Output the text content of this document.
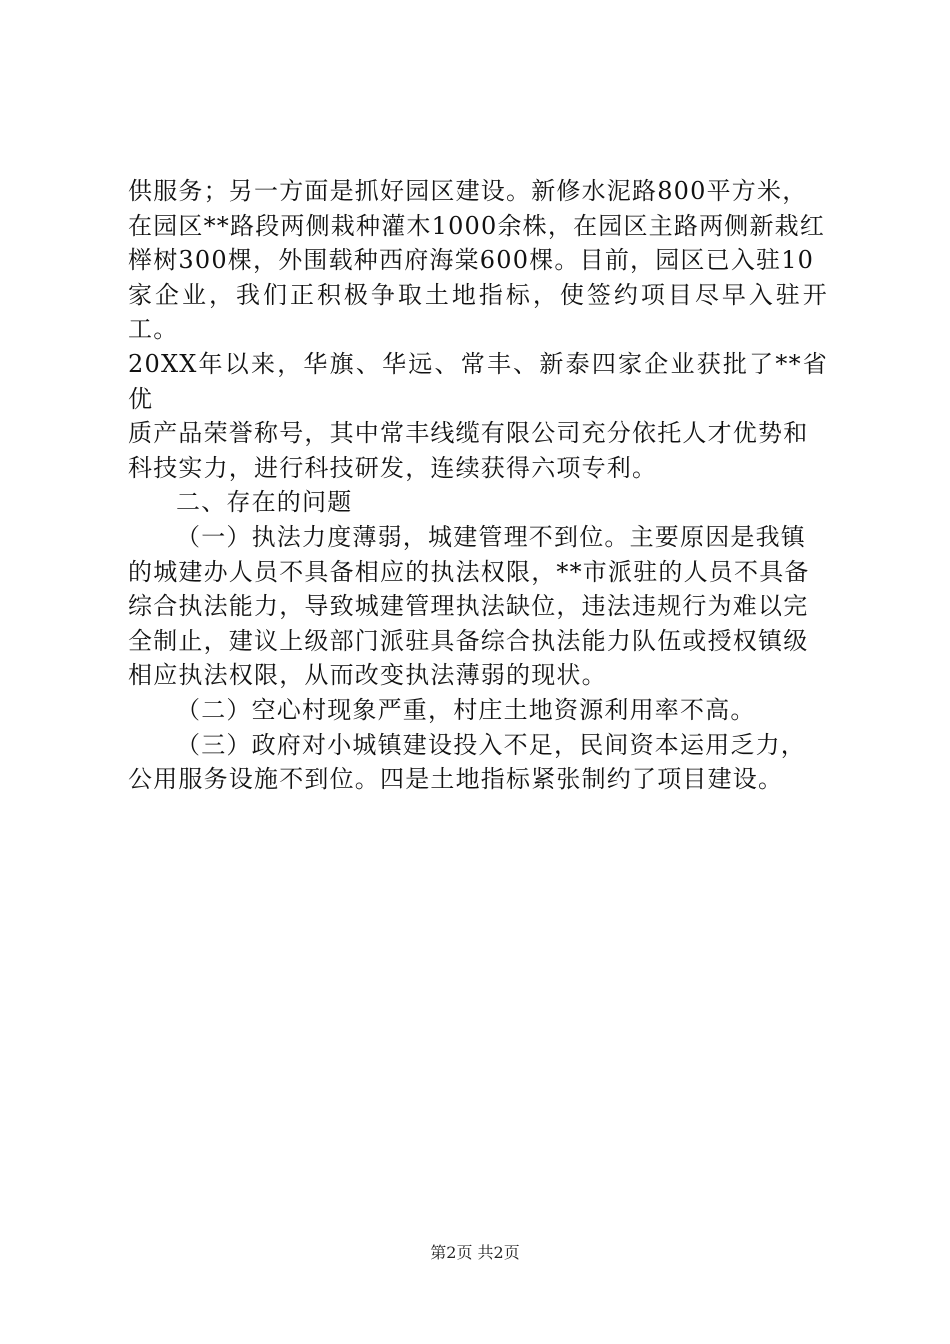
供服务；另一方面是抓好园区建设。新修水泥路800平方米，
在园区**路段两侧栽种灌木1000余株，在园区主路两侧新栽红
榉树300棵，外围载种西府海棠600棵。目前，园区已入驻10
家企业，我们正积极争取土地指标，使签约项目尽早入驻开工。
20XX年以来，华旗、华远、常丰、新泰四家企业获批了**省优
质产品荣誉称号，其中常丰线缆有限公司充分依托人才优势和
科技实力，进行科技研发，连续获得六项专利。
二、存在的问题
（一）执法力度薄弱，城建管理不到位。主要原因是我镇
的城建办人员不具备相应的执法权限，**市派驻的人员不具备
综合执法能力，导致城建管理执法缺位，违法违规行为难以完
全制止，建议上级部门派驻具备综合执法能力队伍或授权镇级
相应执法权限，从而改变执法薄弱的现状。
（二）空心村现象严重，村庄土地资源利用率不高。
（三）政府对小城镇建设投入不足，民间资本运用乏力，
公用服务设施不到位。四是土地指标紧张制约了项目建设。
第2页 共2页
